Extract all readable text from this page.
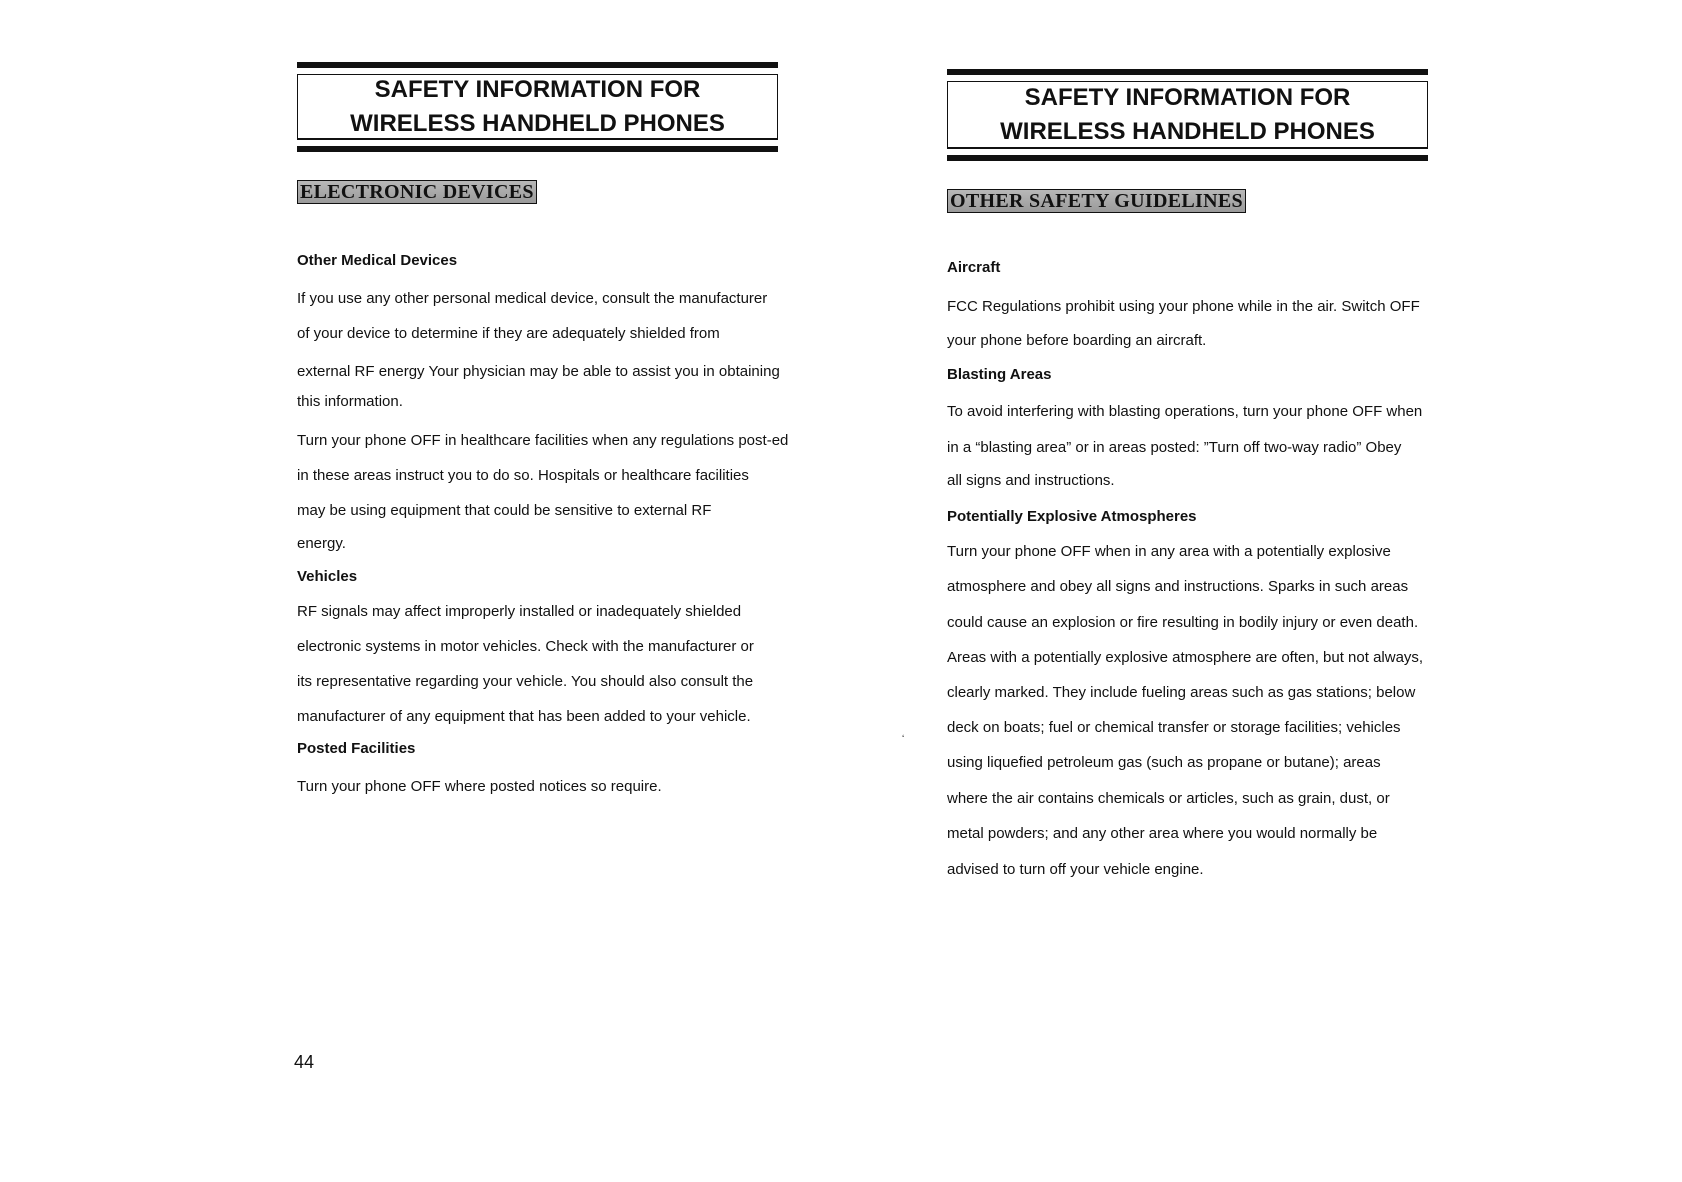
SAFETY INFORMATION FOR
WIRELESS HANDHELD PHONES
ELECTRONIC DEVICES
Other Medical Devices
If you use any other personal medical device, consult the manufacturer
of your device to determine if they are adequately shielded from
external RF energy Your physician may be able to assist you in obtaining
this information.
Turn your phone OFF in healthcare facilities when any regulations post-ed
in these areas instruct you to do so. Hospitals or healthcare facilities
may be using equipment that could be sensitive to external RF
energy.
Vehicles
RF signals may affect improperly installed or inadequately shielded
electronic systems in motor vehicles. Check with the manufacturer or
its representative regarding your vehicle. You should also consult the
manufacturer of any equipment that has been added to your vehicle.
Posted Facilities
Turn your phone OFF where posted notices so require.
44
SAFETY INFORMATION FOR
WIRELESS HANDHELD PHONES
OTHER SAFETY GUIDELINES
Aircraft
FCC Regulations prohibit using your phone while in the air. Switch OFF
your phone before boarding an aircraft.
Blasting Areas
To avoid interfering with blasting operations, turn your phone OFF when
in a “blasting area” or in areas posted: ”Turn off two-way radio” Obey
all signs and instructions.
Potentially Explosive Atmospheres
Turn your phone OFF when in any area with a potentially explosive
atmosphere and obey all signs and instructions. Sparks in such areas
could cause an explosion or fire resulting in bodily injury or even death.
Areas with a potentially explosive atmosphere are often, but not always,
clearly marked. They include fueling areas such as gas stations; below
deck on boats; fuel or chemical transfer or storage facilities; vehicles
using liquefied petroleum gas (such as propane or butane); areas
where the air contains chemicals or articles, such as grain, dust, or
metal powders; and any other area where you would normally be
advised to turn off your vehicle engine.
ʻ
